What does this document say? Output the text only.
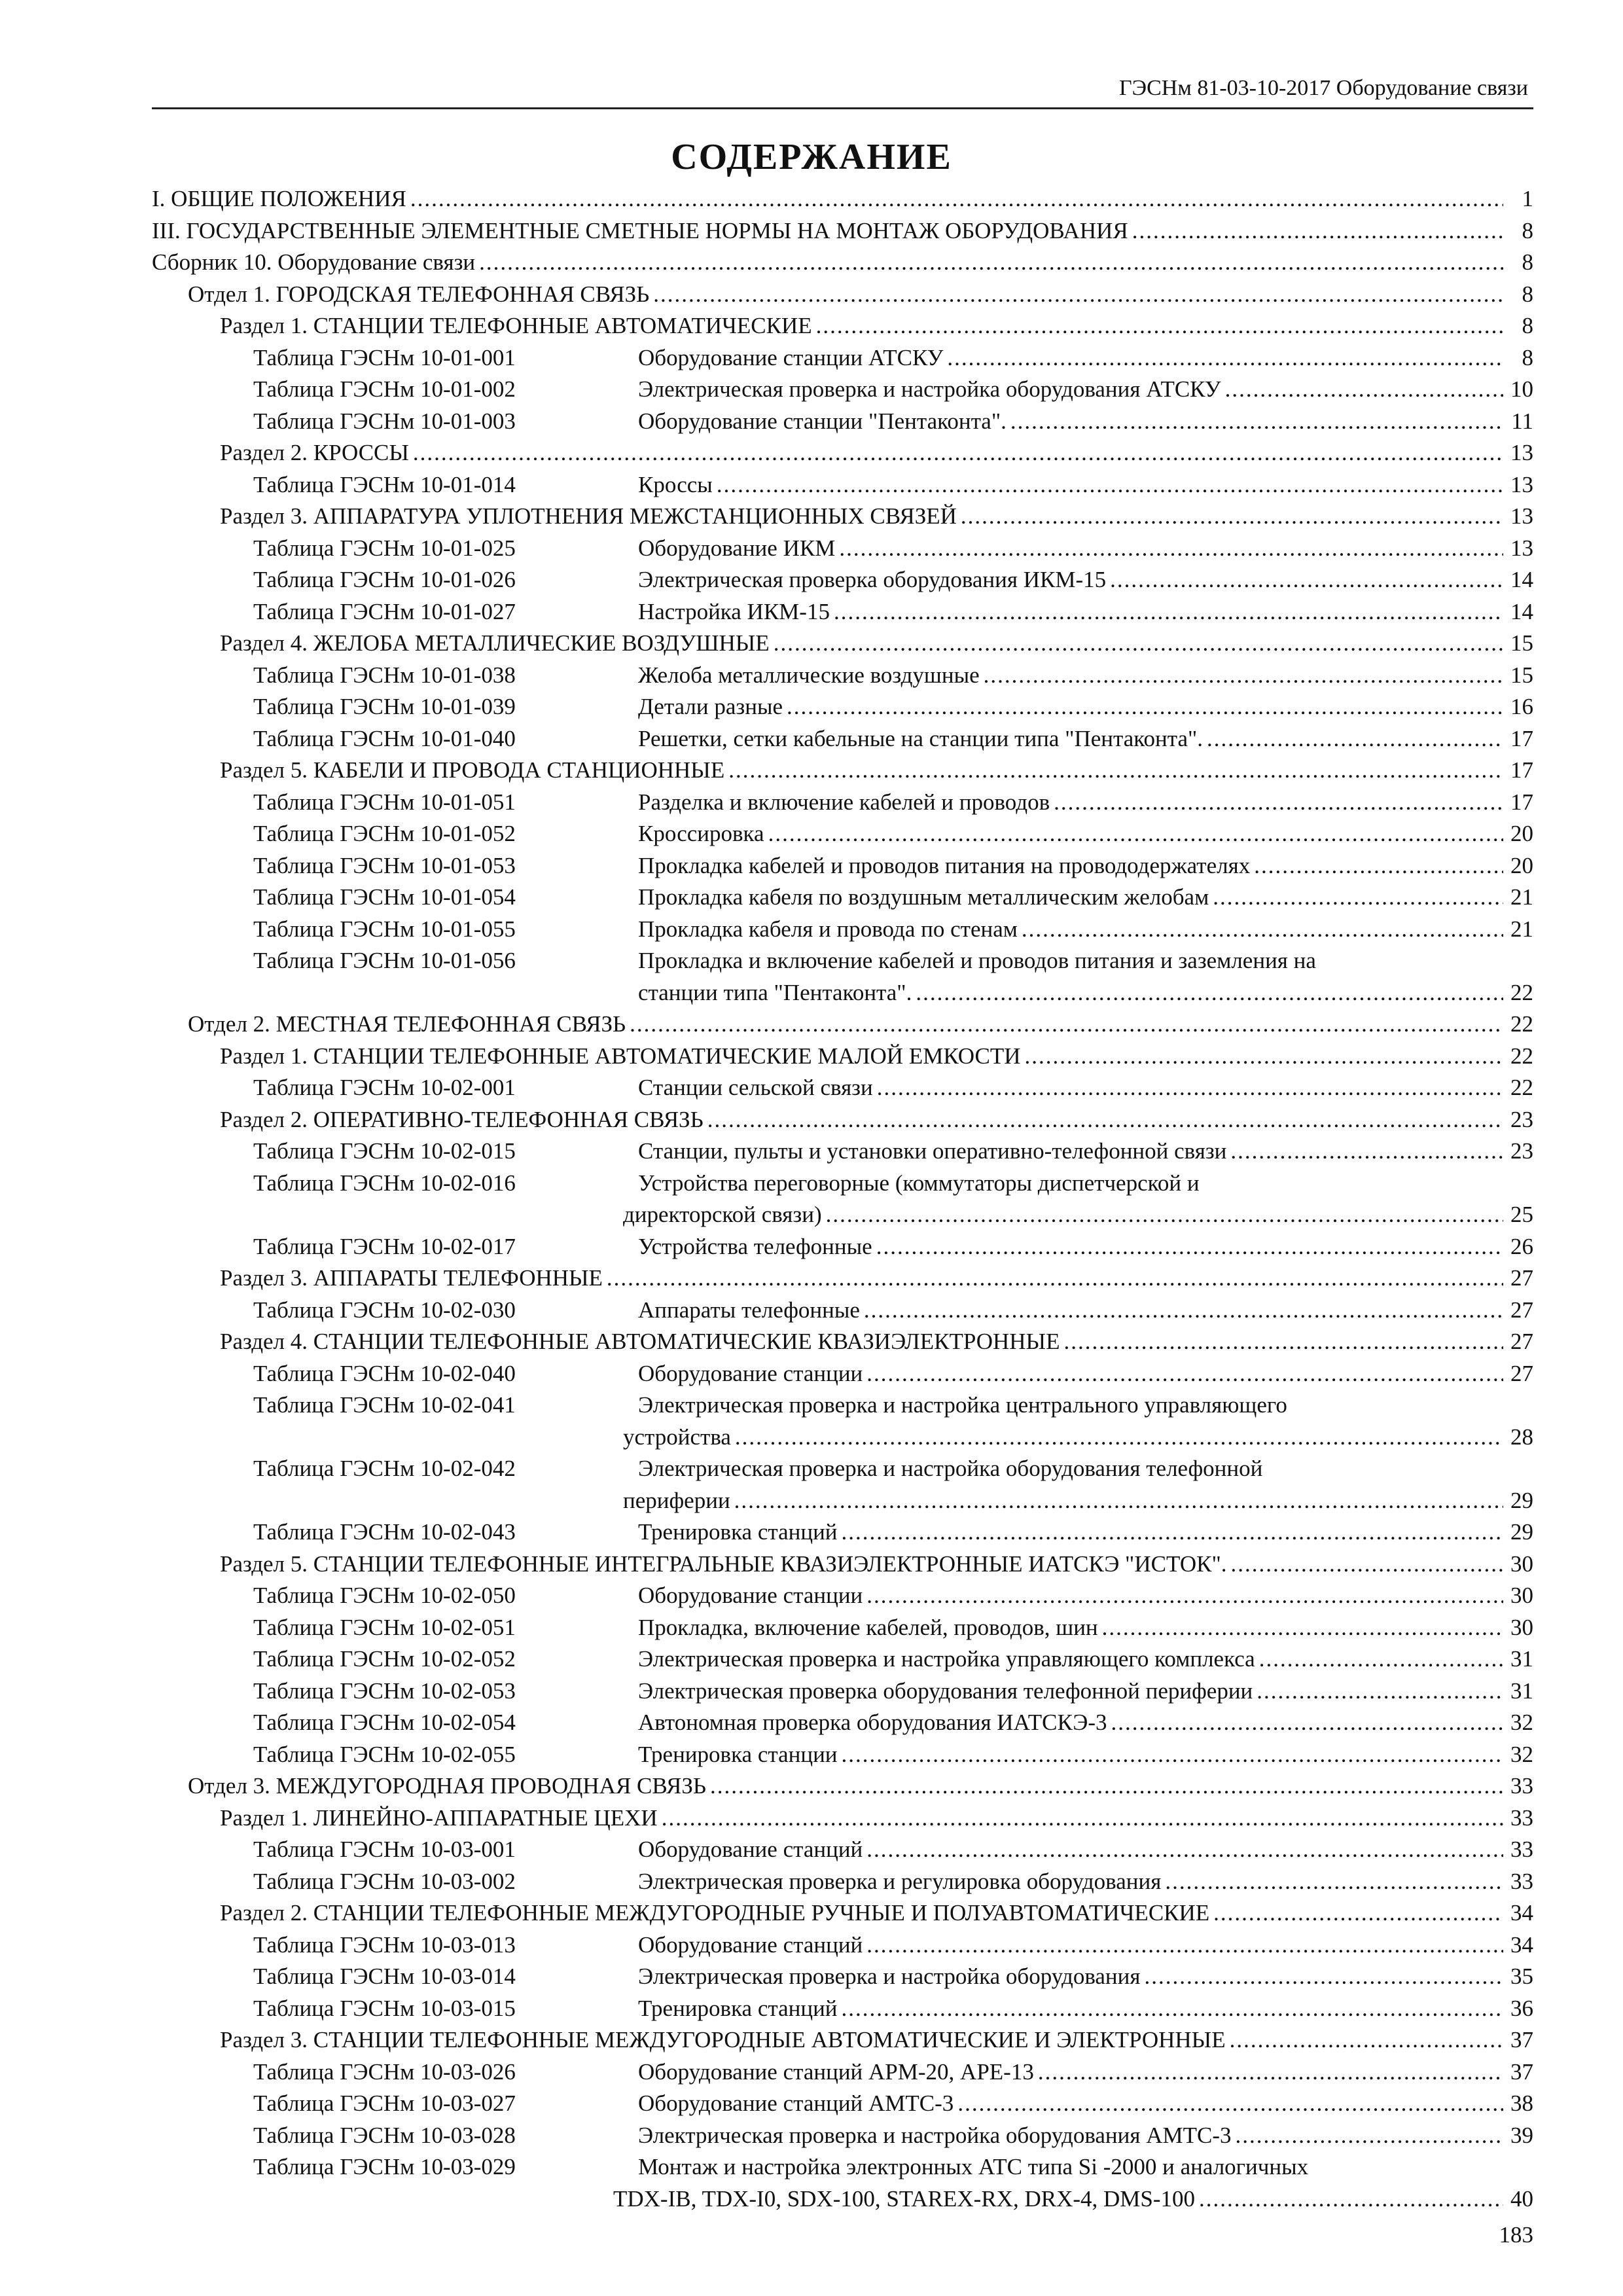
ГЭСНм 81-03-10-2017 Оборудование связи
СОДЕРЖАНИЕ
I. ОБЩИЕ ПОЛОЖЕНИЯ .....	1
III. ГОСУДАРСТВЕННЫЕ ЭЛЕМЕНТНЫЕ СМЕТНЫЕ НОРМЫ НА МОНТАЖ ОБОРУДОВАНИЯ .....	8
Сборник 10. Оборудование связи .....	8
Отдел 1. ГОРОДСКАЯ ТЕЛЕФОННАЯ СВЯЗЬ .....	8
Раздел 1. СТАНЦИИ ТЕЛЕФОННЫЕ АВТОМАТИЧЕСКИЕ .....	8
Таблица ГЭСНм 10-01-001	Оборудование станции АТСКУ .....	8
Таблица ГЭСНм 10-01-002	Электрическая проверка и настройка оборудования АТСКУ .....	10
Таблица ГЭСНм 10-01-003	Оборудование станции "Пентаконта". .....	11
Раздел 2. КРОССЫ .....	13
Таблица ГЭСНм 10-01-014	Кроссы .....	13
Раздел 3. АППАРАТУРА УПЛОТНЕНИЯ МЕЖСТАНЦИОННЫХ СВЯЗЕЙ .....	13
Таблица ГЭСНм 10-01-025	Оборудование ИКМ .....	13
Таблица ГЭСНм 10-01-026	Электрическая проверка оборудования ИКМ-15 .....	14
Таблица ГЭСНм 10-01-027	Настройка ИКМ-15 .....	14
Раздел 4. ЖЕЛОБА МЕТАЛЛИЧЕСКИЕ ВОЗДУШНЫЕ .....	15
Таблица ГЭСНм 10-01-038	Желоба металлические воздушные .....	15
Таблица ГЭСНм 10-01-039	Детали разные .....	16
Таблица ГЭСНм 10-01-040	Решетки, сетки кабельные на станции типа "Пентаконта". .....	17
Раздел 5. КАБЕЛИ И ПРОВОДА СТАНЦИОННЫЕ .....	17
Таблица ГЭСНм 10-01-051	Разделка и включение кабелей и проводов .....	17
Таблица ГЭСНм 10-01-052	Кроссировка .....	20
Таблица ГЭСНм 10-01-053	Прокладка кабелей и проводов питания на провододержателях .....	20
Таблица ГЭСНм 10-01-054	Прокладка кабеля по воздушным металлическим желобам .....	21
Таблица ГЭСНм 10-01-055	Прокладка кабеля и провода по стенам .....	21
Таблица ГЭСНм 10-01-056	Прокладка и включение кабелей и проводов питания и заземления на
станции типа "Пентаконта". .....	22
Отдел 2. МЕСТНАЯ ТЕЛЕФОННАЯ СВЯЗЬ .....	22
Раздел 1. СТАНЦИИ ТЕЛЕФОННЫЕ АВТОМАТИЧЕСКИЕ МАЛОЙ ЕМКОСТИ .....	22
Таблица ГЭСНм 10-02-001	Станции сельской связи .....	22
Раздел 2. ОПЕРАТИВНО-ТЕЛЕФОННАЯ СВЯЗЬ .....	23
Таблица ГЭСНм 10-02-015	Станции, пульты и установки оперативно-телефонной связи .....	23
Таблица ГЭСНм 10-02-016	Устройства переговорные (коммутаторы диспетчерской и
директорской связи) .....	25
Таблица ГЭСНм 10-02-017	Устройства телефонные .....	26
Раздел 3. АППАРАТЫ ТЕЛЕФОННЫЕ .....	27
Таблица ГЭСНм 10-02-030	Аппараты телефонные .....	27
Раздел 4. СТАНЦИИ ТЕЛЕФОННЫЕ АВТОМАТИЧЕСКИЕ КВАЗИЭЛЕКТРОННЫЕ .....	27
Таблица ГЭСНм 10-02-040	Оборудование станции .....	27
Таблица ГЭСНм 10-02-041	Электрическая проверка и настройка центрального управляющего
устройства .....	28
Таблица ГЭСНм 10-02-042	Электрическая проверка и настройка оборудования телефонной
периферии .....	29
Таблица ГЭСНм 10-02-043	Тренировка станций .....	29
Раздел 5. СТАНЦИИ ТЕЛЕФОННЫЕ ИНТЕГРАЛЬНЫЕ КВАЗИЭЛЕКТРОННЫЕ ИАТСКЭ "ИСТОК". .....	30
Таблица ГЭСНм 10-02-050	Оборудование станции .....	30
Таблица ГЭСНм 10-02-051	Прокладка, включение кабелей, проводов, шин .....	30
Таблица ГЭСНм 10-02-052	Электрическая проверка и настройка управляющего комплекса .....	31
Таблица ГЭСНм 10-02-053	Электрическая проверка оборудования телефонной периферии .....	31
Таблица ГЭСНм 10-02-054	Автономная проверка оборудования ИАТСКЭ-3 .....	32
Таблица ГЭСНм 10-02-055	Тренировка станции .....	32
Отдел 3. МЕЖДУГОРОДНАЯ ПРОВОДНАЯ СВЯЗЬ .....	33
Раздел 1. ЛИНЕЙНО-АППАРАТНЫЕ ЦЕХИ .....	33
Таблица ГЭСНм 10-03-001	Оборудование станций .....	33
Таблица ГЭСНм 10-03-002	Электрическая проверка и регулировка оборудования .....	33
Раздел 2. СТАНЦИИ ТЕЛЕФОННЫЕ МЕЖДУГОРОДНЫЕ РУЧНЫЕ И ПОЛУАВТОМАТИЧЕСКИЕ .....	34
Таблица ГЭСНм 10-03-013	Оборудование станций .....	34
Таблица ГЭСНм 10-03-014	Электрическая проверка и настройка оборудования .....	35
Таблица ГЭСНм 10-03-015	Тренировка станций .....	36
Раздел 3. СТАНЦИИ ТЕЛЕФОННЫЕ МЕЖДУГОРОДНЫЕ АВТОМАТИЧЕСКИЕ И ЭЛЕКТРОННЫЕ .....	37
Таблица ГЭСНм 10-03-026	Оборудование станций АРМ-20, АРЕ-13 .....	37
Таблица ГЭСНм 10-03-027	Оборудование станций АМТС-3 .....	38
Таблица ГЭСНм 10-03-028	Электрическая проверка и настройка оборудования АМТС-3 .....	39
Таблица ГЭСНм 10-03-029	Монтаж и настройка электронных АТС типа Si -2000 и аналогичных
TDX-IB, TDX-I0, SDX-100, STAREX-RX, DRX-4, DMS-100 .....	40
183
